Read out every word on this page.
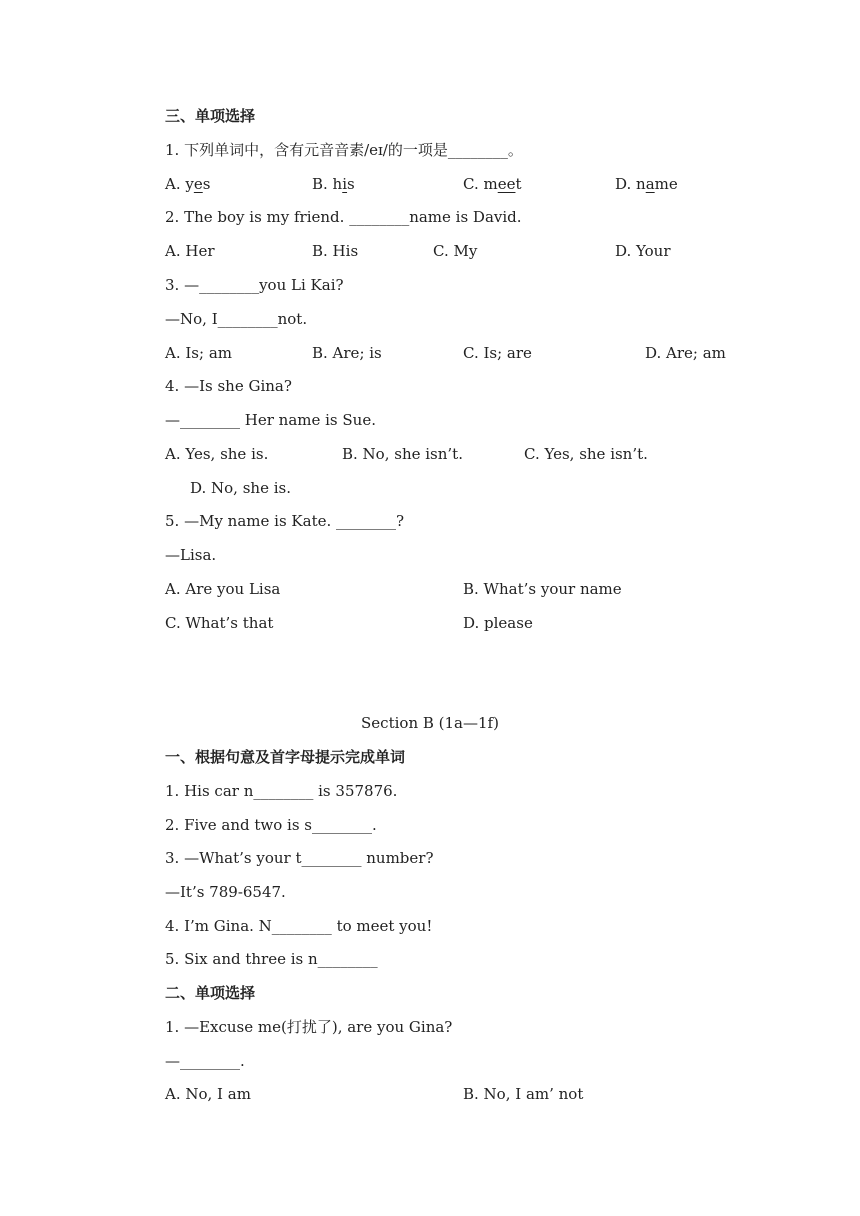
三、单项选择
1. 下列单词中，含有元音音素/eɪ/的一项是________。
A. yes	B. his	C. meet	D. name
2. The boy is my friend. ________name is David.
A. Her	B. His	C. My	D. Your
3. —________you Li Kai?
—No, I________not.
A. Is; am	B. Are; is	C. Is; are	D. Are; am
4. —Is she Gina?
—________ Her name is Sue.
A. Yes, she is.	B. No, she isn’t.	C. Yes, she isn’t.
D. No, she is.
5. —My name is Kate. ________?
—Lisa.
A. Are you Lisa	B. What’s your name
C. What’s that	D. please
Section B (1a—1f)
一、根据句意及首字母提示完成单词
1. His car n________ is 357876.
2. Five and two is s________.
3. —What’s your t________ number?
—It’s 789-6547.
4. I’m Gina. N________ to meet you!
5. Six and three is n________
二、单项选择
1. —Excuse me(打扰了), are you Gina?
—________.
A. No, I am	B. No, I am’ not
